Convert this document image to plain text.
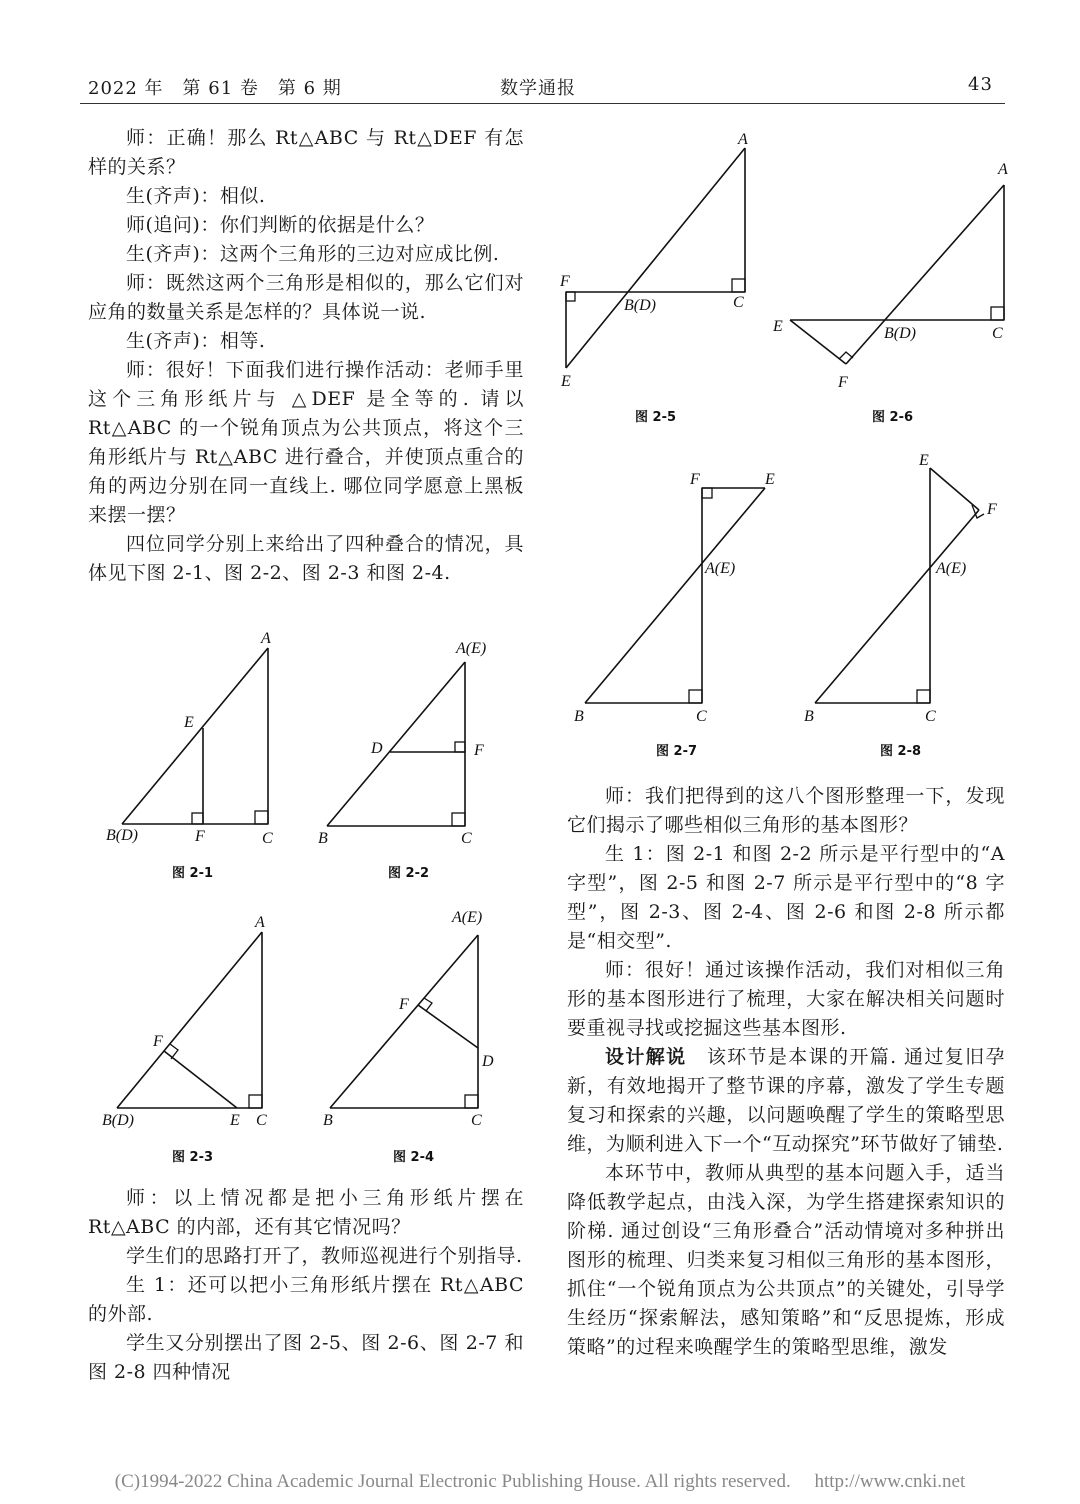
2022 年　第 61 卷　第 6 期	数学通报	43

师：正确！那么 Rt△ABC 与 Rt△DEF 有怎样的关系？

生(齐声)：相似.

师(追问)：你们判断的依据是什么？

生(齐声)：这两个三角形的三边对应成比例.

师：既然这两个三角形是相似的，那么它们对应角的数量关系是怎样的？具体说一说.

生(齐声)：相等.

师：很好！下面我们进行操作活动：老师手里这个三角形纸片与 △DEF 是全等的. 请以 Rt△ABC 的一个锐角顶点为公共顶点，将这个三角形纸片与 Rt△ABC 进行叠合，并使顶点重合的角的两边分别在同一直线上. 哪位同学愿意上黑板来摆一摆？

四位同学分别上来给出了四种叠合的情况，具体见下图 2-1、图 2-2、图 2-3 和图 2-4.

师：以上情况都是把小三角形纸片摆在 Rt△ABC 的内部，还有其它情况吗？

学生们的思路打开了，教师巡视进行个别指导.

生 1：还可以把小三角形纸片摆在 Rt△ABC 的外部.

学生又分别摆出了图 2-5、图 2-6、图 2-7 和图 2-8 四种情况

师：我们把得到的这八个图形整理一下，发现它们揭示了哪些相似三角形的基本图形？

生 1：图 2-1 和图 2-2 所示是平行型中的“A 字型”，图 2-5 和图 2-7 所示是平行型中的“8 字型”，图 2-3、图 2-4、图 2-6 和图 2-8 所示都是“相交型”.

师：很好！通过该操作活动，我们对相似三角形的基本图形进行了梳理，大家在解决相关问题时要重视寻找或挖掘这些基本图形.

设计解说　该环节是本课的开篇. 通过复旧孕新，有效地揭开了整节课的序幕，激发了学生专题复习和探索的兴趣，以问题唤醒了学生的策略型思维，为顺利进入下一个“互动探究”环节做好了铺垫.

本环节中，教师从典型的基本问题入手，适当降低教学起点，由浅入深，为学生搭建探索知识的阶梯. 通过创设“三角形叠合”活动情境对多种拼出图形的梳理、归类来复习相似三角形的基本图形，抓住“一个锐角顶点为公共顶点”的关键处，引导学生经历“探索解法，感知策略”和“反思提炼，形成策略”的过程来唤醒学生的策略型思维，激发

A
E
B(D)	F	C
图 2-1
A(E)
D	F
B	C
图 2-2
A
F
B(D)	E C
图 2-3
A(E)
F
D
B	C
图 2-4
A
F
B(D)	C
E
图 2-5
A
E	B(D)	C
F
图 2-6
F	E
A(E)
B	C
图 2-7
E
F
A(E)
B	C
图 2-8
(C)1994-2022 China Academic Journal Electronic Publishing House. All rights reserved.　 http://www.cnki.net
